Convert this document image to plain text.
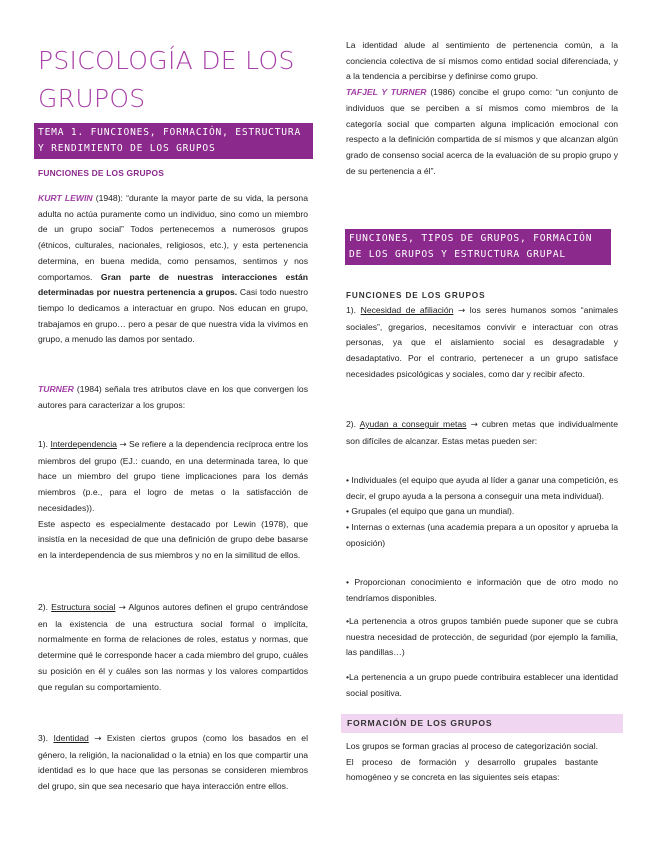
PSICOLOGÍA DE LOS GRUPOS
TEMA 1. FUNCIONES, FORMACIÓN, ESTRUCTURA Y RENDIMIENTO DE LOS GRUPOS
FUNCIONES DE LOS GRUPOS
KURT LEWIN (1948): “durante la mayor parte de su vida, la persona adulta no actúa puramente como un individuo, sino como un miembro de un grupo social” Todos pertenecemos a numerosos grupos (étnicos, culturales, nacionales, religiosos, etc.), y esta pertenencia determina, en buena medida, como pensamos, sentimos y nos comportamos. Gran parte de nuestras interacciones están determinadas por nuestra pertenencia a grupos. Casi todo nuestro tiempo lo dedicamos a interactuar en grupo. Nos educan en grupo, trabajamos en grupo… pero a pesar de que nuestra vida la vivimos en grupo, a menudo las damos por sentado.
TURNER (1984) señala tres atributos clave en los que convergen los autores para caracterizar a los grupos:
1). Interdependencia → Se refiere a la dependencia recíproca entre los miembros del grupo (EJ.: cuando, en una determinada tarea, lo que hace un miembro del grupo tiene implicaciones para los demás miembros (p.e., para el logro de metas o la satisfacción de necesidades)).
Este aspecto es especialmente destacado por Lewin (1978), que insistía en la necesidad de que una definición de grupo debe basarse en la interdependencia de sus miembros y no en la similitud de ellos.
2). Estructura social → Algunos autores definen el grupo centrándose en la existencia de una estructura social formal o implícita, normalmente en forma de relaciones de roles, estatus y normas, que determine qué le corresponde hacer a cada miembro del grupo, cuáles su posición en él y cuáles son las normas y los valores compartidos que regulan su comportamiento.
3). Identidad → Existen ciertos grupos (como los basados en el género, la religión, la nacionalidad o la etnia) en los que compartir una identidad es lo que hace que las personas se consideren miembros del grupo, sin que sea necesario que haya interacción entre ellos.
La identidad alude al sentimiento de pertenencia común, a la conciencia colectiva de sí mismos como entidad social diferenciada, y a la tendencia a percibirse y definirse como grupo.
TAFJEL Y TURNER (1986) concibe el grupo como: “un conjunto de individuos que se perciben a sí mismos como miembros de la categoría social que comparten alguna implicación emocional con respecto a la definición compartida de sí mismos y que alcanzan algún grado de consenso social acerca de la evaluación de su propio grupo y de su pertenencia a él”.
FUNCIONES, TIPOS DE GRUPOS, FORMACIÓN DE LOS GRUPOS Y ESTRUCTURA GRUPAL
FUNCIONES DE LOS GRUPOS
1). Necesidad de afiliación → los seres humanos somos “animales sociales”, gregarios, necesitamos convivir e interactuar con otras personas, ya que el aislamiento social es desagradable y desadaptativo. Por el contrario, pertenecer a un grupo satisface necesidades psicológicas y sociales, como dar y recibir afecto.
2). Ayudan a conseguir metas → cubren metas que individualmente son difíciles de alcanzar. Estas metas pueden ser:
• Individuales (el equipo que ayuda al líder a ganar una competición, es decir, el grupo ayuda a la persona a conseguir una meta individual).
• Grupales (el equipo que gana un mundial).
• Internas o externas (una academia prepara a un opositor y aprueba la oposición)
• Proporcionan conocimiento e información que de otro modo no tendríamos disponibles.
•La pertenencia a otros grupos también puede suponer que se cubra nuestra necesidad de protección, de seguridad (por ejemplo la familia, las pandillas…)
•La pertenencia a un grupo puede contribuira establecer una identidad social positiva.
FORMACIÓN DE LOS GRUPOS
Los grupos se forman gracias al proceso de categorización social. El proceso de formación y desarrollo grupales bastante homogéneo y se concreta en las siguientes seis etapas:
